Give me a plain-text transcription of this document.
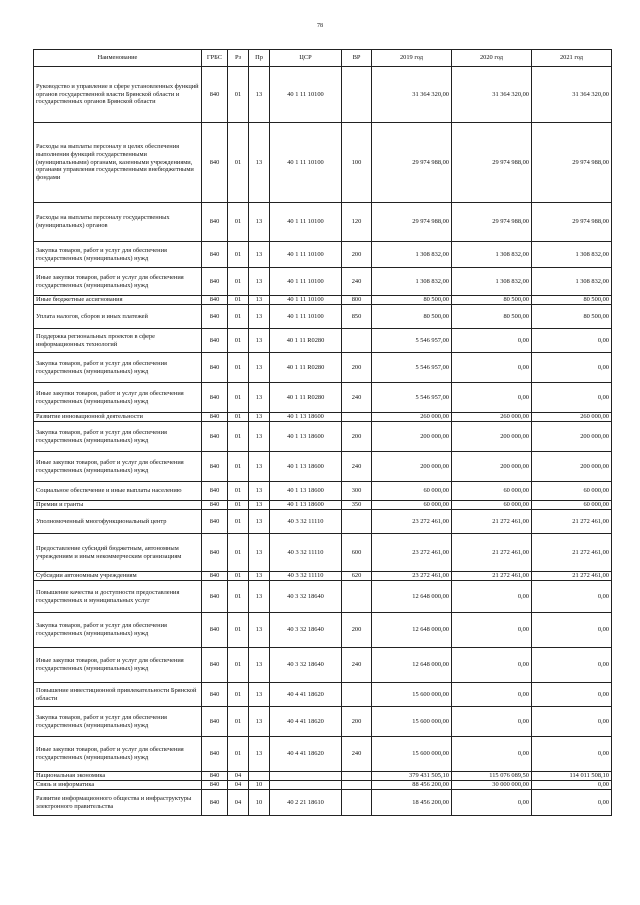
78
Наименование	ГРБС	Рз	Пр	ЦСР	ВР	2019 год	2020 год	2021 год
Руководство и управление в сфере установленных функций органов государственной власти Брянской области и государственных органов Брянской области	840	01	13	40 1 11 10100		31 364 320,00	31 364 320,00	31 364 320,00
Расходы на выплаты персоналу в целях обеспечения выполнения функций государственными (муниципальными) органами, казенными учреждениями, органами управления государственными внебюджетными фондами	840	01	13	40 1 11 10100	100	29 974 988,00	29 974 988,00	29 974 988,00
Расходы на выплаты персоналу государственных (муниципальных) органов	840	01	13	40 1 11 10100	120	29 974 988,00	29 974 988,00	29 974 988,00
Закупка товаров, работ и услуг для обеспечения государственных (муниципальных) нужд	840	01	13	40 1 11 10100	200	1 308 832,00	1 308 832,00	1 308 832,00
Иные закупки товаров, работ и услуг для обеспечения государственных (муниципальных) нужд	840	01	13	40 1 11 10100	240	1 308 832,00	1 308 832,00	1 308 832,00
Иные бюджетные ассигнования	840	01	13	40 1 11 10100	800	80 500,00	80 500,00	80 500,00
Уплата налогов, сборов и иных платежей	840	01	13	40 1 11 10100	850	80 500,00	80 500,00	80 500,00
Поддержка региональных проектов в сфере информационных технологий	840	01	13	40 1 11 R0280		5 546 957,00	0,00	0,00
Закупка товаров, работ и услуг для обеспечения государственных (муниципальных) нужд	840	01	13	40 1 11 R0280	200	5 546 957,00	0,00	0,00
Иные закупки товаров, работ и услуг для обеспечения государственных (муниципальных) нужд	840	01	13	40 1 11 R0280	240	5 546 957,00	0,00	0,00
Развитие инновационной деятельности	840	01	13	40 1 13 18600		260 000,00	260 000,00	260 000,00
Закупка товаров, работ и услуг для обеспечения государственных (муниципальных) нужд	840	01	13	40 1 13 18600	200	200 000,00	200 000,00	200 000,00
Иные закупки товаров, работ и услуг для обеспечения государственных (муниципальных) нужд	840	01	13	40 1 13 18600	240	200 000,00	200 000,00	200 000,00
Социальное обеспечение и иные выплаты населению	840	01	13	40 1 13 18600	300	60 000,00	60 000,00	60 000,00
Премии и гранты	840	01	13	40 1 13 18600	350	60 000,00	60 000,00	60 000,00
Уполномоченный многофункциональный центр	840	01	13	40 3 32 11110		23 272 461,00	21 272 461,00	21 272 461,00
Предоставление субсидий бюджетным, автономным учреждениям и иным некоммерческим организациям	840	01	13	40 3 32 11110	600	23 272 461,00	21 272 461,00	21 272 461,00
Субсидии автономным учреждениям	840	01	13	40 3 32 11110	620	23 272 461,00	21 272 461,00	21 272 461,00
Повышение качества и доступности предоставления государственных и муниципальных услуг	840	01	13	40 3 32 18640		12 648 000,00	0,00	0,00
Закупка товаров, работ и услуг для обеспечения государственных (муниципальных) нужд	840	01	13	40 3 32 18640	200	12 648 000,00	0,00	0,00
Иные закупки товаров, работ и услуг для обеспечения государственных (муниципальных) нужд	840	01	13	40 3 32 18640	240	12 648 000,00	0,00	0,00
Повышение инвестиционной привлекательности Брянской области	840	01	13	40 4 41 18620		15 600 000,00	0,00	0,00
Закупка товаров, работ и услуг для обеспечения государственных (муниципальных) нужд	840	01	13	40 4 41 18620	200	15 600 000,00	0,00	0,00
Иные закупки товаров, работ и услуг для обеспечения государственных (муниципальных) нужд	840	01	13	40 4 41 18620	240	15 600 000,00	0,00	0,00
Национальная экономика	840	04				379 431 505,10	115 076 089,50	114 011 508,10
Связь и информатика	840	04	10			88 456 200,00	30 000 000,00	0,00
Развитие информационного общества и инфраструктуры электронного правительства	840	04	10	40 2 21 18610		18 456 200,00	0,00	0,00
